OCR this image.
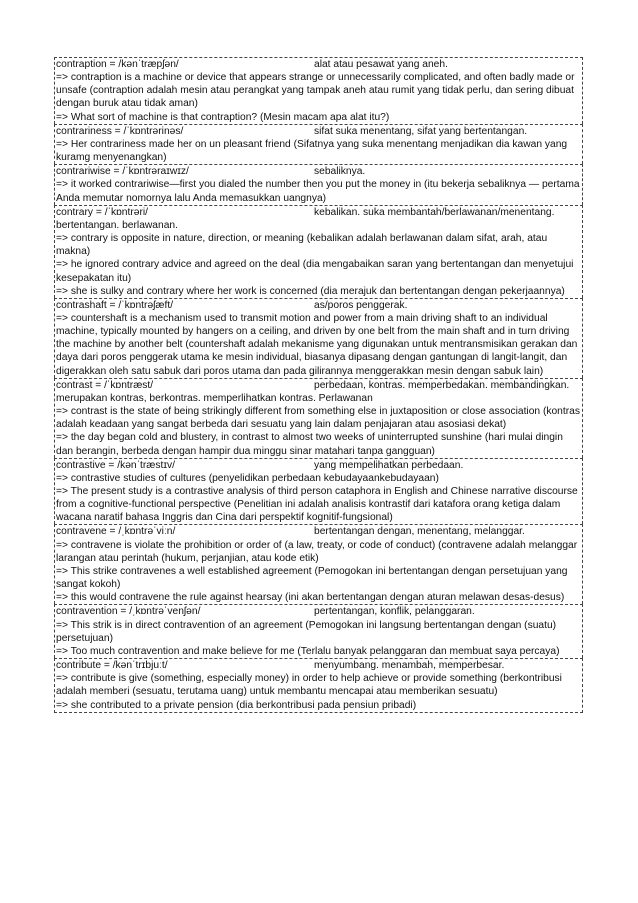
contraption = /kənˈtræpʃən/	alat atau pesawat yang aneh.
=> contraption is a machine or device that appears strange or unnecessarily complicated, and often badly made or unsafe (contraption adalah mesin atau perangkat yang tampak aneh atau rumit yang tidak perlu, dan sering dibuat dengan buruk atau tidak aman)
=> What sort of machine is that contraption? (Mesin macam apa alat itu?)
contrariness = /ˈkɒntrərinəs/	sifat suka menentang, sifat yang bertentangan.
=> Her contrariness made her on un pleasant friend (Sifatnya yang suka menentang menjadikan dia kawan yang kuramg menyenangkan)
contrariwise = /ˈkɒntrərаɪwɪz/	sebaliknya.
=> it worked contrariwise—first you dialed the number then you put the money in (itu bekerja sebaliknya — pertama Anda memutar nomornya lalu Anda memasukkan uangnya)
contrary = /ˈkɒntrəri/	kebalikan. suka membantah/berlawanan/menentang.
bertentangan. berlawanan.
=> contrary is opposite in nature, direction, or meaning (kebalikan adalah berlawanan dalam sifat, arah, atau makna)
=> he ignored contrary advice and agreed on the deal (dia mengabaikan saran yang bertentangan dan menyetujui kesepakatan itu)
=> she is sulky and contrary where her work is concerned (dia merajuk dan bertentangan dengan pekerjaannya)
contrashaft = /ˈkɒntrəʃæft/	as/poros penggerak.
=> countershaft is a mechanism used to transmit motion and power from a main driving shaft to an individual machine, typically mounted by hangers on a ceiling, and driven by one belt from the main shaft and in turn driving the machine by another belt (countershaft adalah mekanisme yang digunakan untuk mentransmisikan gerakan dan daya dari poros penggerak utama ke mesin individual, biasanya dipasang dengan gantungan di langit-langit, dan digerakkan oleh satu sabuk dari poros utama dan pada gilirannya menggerakkan mesin dengan sabuk lain)
contrast = /ˈkɒntræst/	perbedaan, kontras. memperbedakan. membandingkan.
merupakan kontras, berkontras. memperlihatkan kontras. Perlawanan
=> contrast is the state of being strikingly different from something else in juxtaposition or close association (kontras adalah keadaan yang sangat berbeda dari sesuatu yang lain dalam penjajaran atau asosiasi dekat)
=> the day began cold and blustery, in contrast to almost two weeks of uninterrupted sunshine (hari mulai dingin dan berangin, berbeda dengan hampir dua minggu sinar matahari tanpa gangguan)
contrastive = /kənˈtræstɪv/	yang mempelihatkan perbedaan.
=> contrastive studies of cultures (penyelidikan perbedaan kebudayaankebudayaan)
=> The present study is a contrastive analysis of third person cataphora in English and Chinese narrative discourse from a cognitive-functional perspective (Penelitian ini adalah analisis kontrastif dari katafora orang ketiga dalam wacana naratif bahasa Inggris dan Cina dari perspektif kognitif-fungsional)
contravene = /ˌkɒntrəˈviːn/	bertentangan dengan, menentang, melanggar.
=> contravene is violate the prohibition or order of (a law, treaty, or code of conduct) (contravene adalah melanggar larangan atau perintah (hukum, perjanjian, atau kode etik)
=> This strike contravenes a well established agreement (Pemogokan ini bertentangan dengan persetujuan yang sangat kokoh)
=> this would contravene the rule against hearsay (ini akan bertentangan dengan aturan melawan desas-desus)
contravention = /ˌkɒntrəˈvenʃən/	pertentangan, konflik, pelanggaran.
=> This strik is in direct contravention of an agreement (Pemogokan ini langsung bertentangan dengan (suatu) persetujuan)
=> Too much contravention and make believe for me (Terlalu banyak pelanggaran dan membuat saya percaya)
contribute = /kənˈtrɪbjuːt/	menyumbang. menambah, memperbesar.
=> contribute is give (something, especially money) in order to help achieve or provide something (berkontribusi adalah memberi (sesuatu, terutama uang) untuk membantu mencapai atau memberikan sesuatu)
=> she contributed to a private pension (dia berkontribusi pada pensiun pribadi)
